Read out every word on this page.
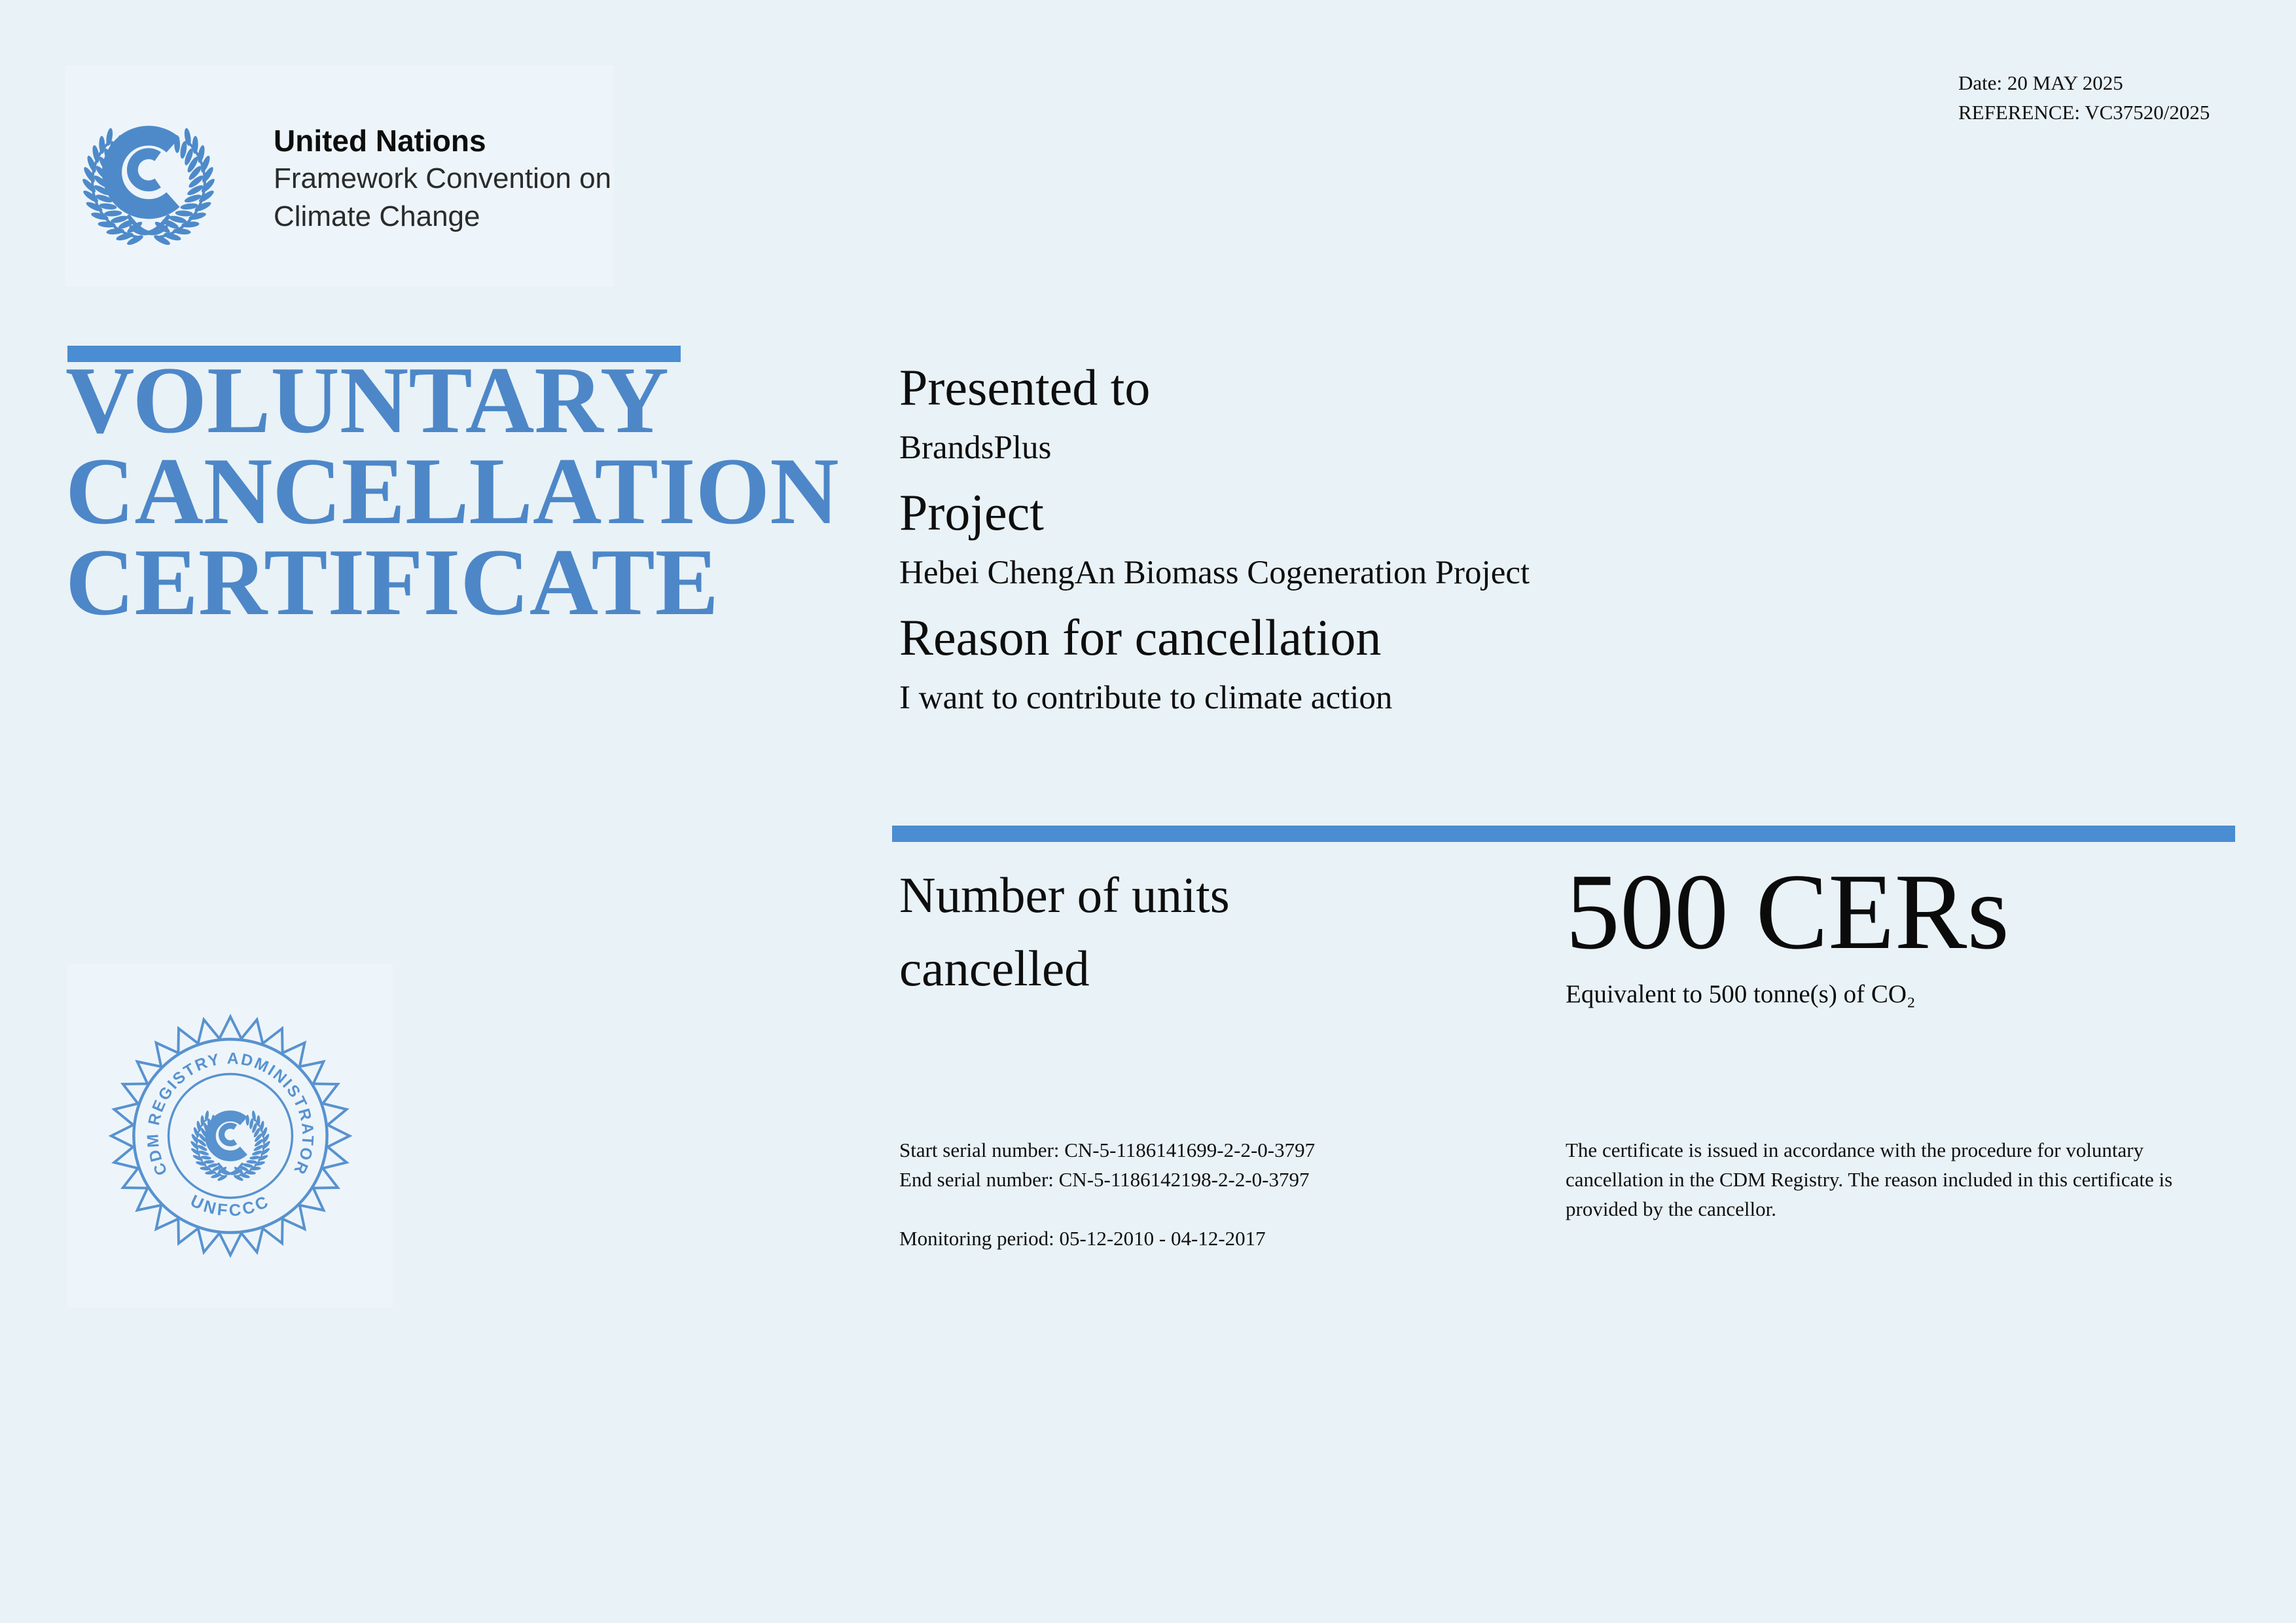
United Nations
Framework Convention on
Climate Change
Date: 20 MAY 2025
REFERENCE: VC37520/2025
VOLUNTARY
CANCELLATION
CERTIFICATE
Presented to

BrandsPlus

Project

Hebei ChengAn Biomass Cogeneration Project

Reason for cancellation

I want to contribute to climate action

Number of units cancelled	500 CERs
Equivalent to 500 tonne(s) of CO₂
Start serial number: CN-5-1186141699-2-2-0-3797
End serial number: CN-5-1186142198-2-2-0-3797
Monitoring period: 05-12-2010 - 04-12-2017
The certificate is issued in accordance with the procedure for voluntary cancellation in the CDM Registry. The reason included in this certificate is provided by the cancellor.
CDM REGISTRY ADMINISTRATOR
UNFCCC
